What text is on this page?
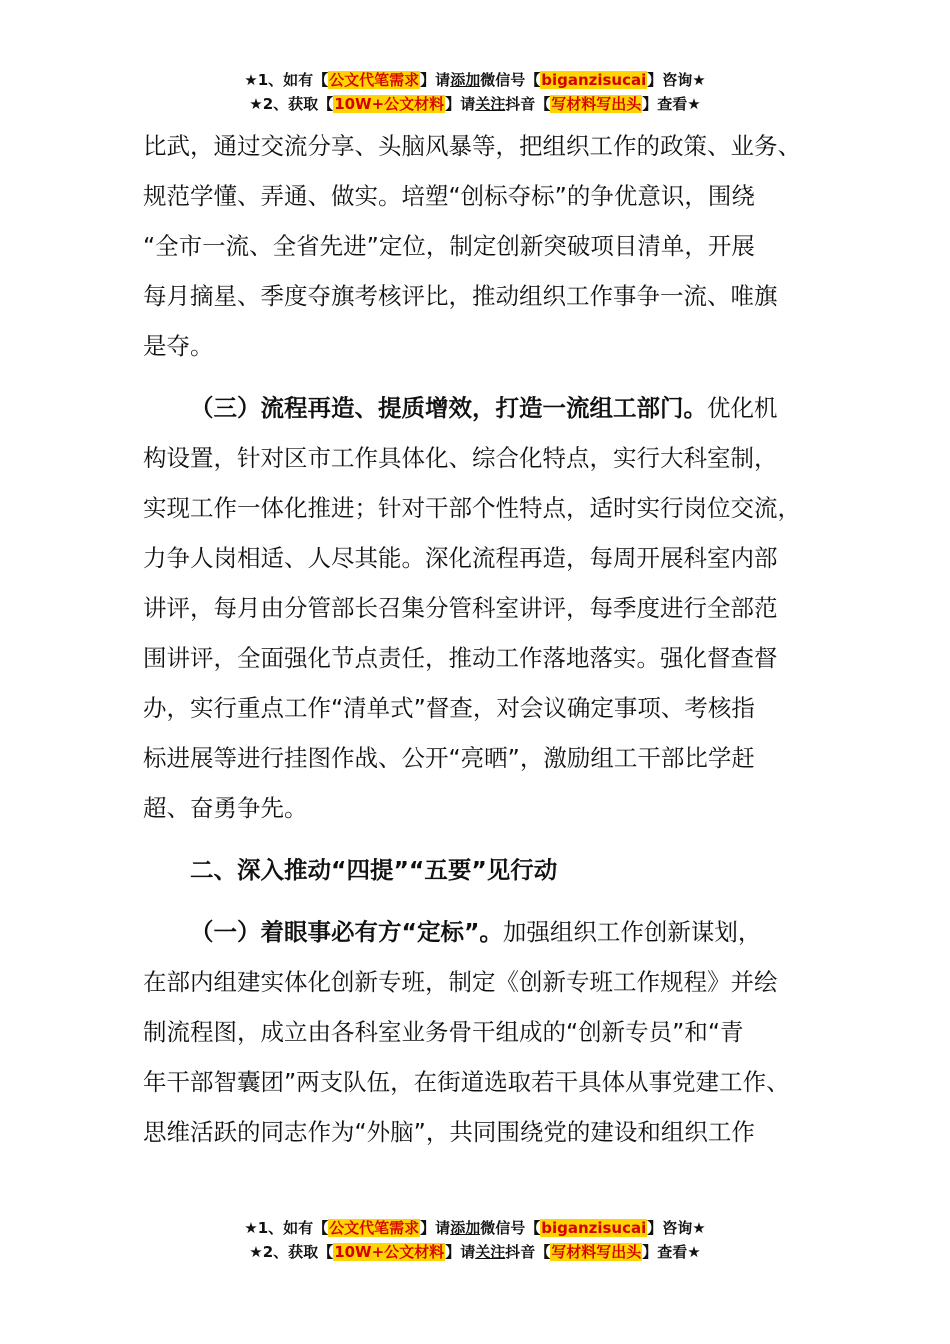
★1、如有【公文代笔需求】请添加微信号【biganzisucai】咨询★
★2、获取【10W+公文材料】请关注抖音【写材料写出头】查看★

比武，通过交流分享、头脑风暴等，把组织工作的政策、业务、

规范学懂、弄通、做实。培塑“创标夺标”的争优意识，围绕

“全市一流、全省先进”定位，制定创新突破项目清单，开展

每月摘星、季度夺旗考核评比，推动组织工作事争一流、唯旗

是夺。

（三）流程再造、提质增效，打造一流组工部门。优化机

构设置，针对区市工作具体化、综合化特点，实行大科室制，

实现工作一体化推进；针对干部个性特点，适时实行岗位交流，

力争人岗相适、人尽其能。深化流程再造，每周开展科室内部

讲评，每月由分管部长召集分管科室讲评，每季度进行全部范

围讲评，全面强化节点责任，推动工作落地落实。强化督查督

办，实行重点工作“清单式”督查，对会议确定事项、考核指

标进展等进行挂图作战、公开“亮晒”，激励组工干部比学赶

超、奋勇争先。

二、深入推动“四提”“五要”见行动

（一）着眼事必有方“定标”。加强组织工作创新谋划，

在部内组建实体化创新专班，制定《创新专班工作规程》并绘

制流程图，成立由各科室业务骨干组成的“创新专员”和“青

年干部智囊团”两支队伍，在街道选取若干具体从事党建工作、

思维活跃的同志作为“外脑”，共同围绕党的建设和组织工作

★1、如有【公文代笔需求】请添加微信号【biganzisucai】咨询★
★2、获取【10W+公文材料】请关注抖音【写材料写出头】查看★
